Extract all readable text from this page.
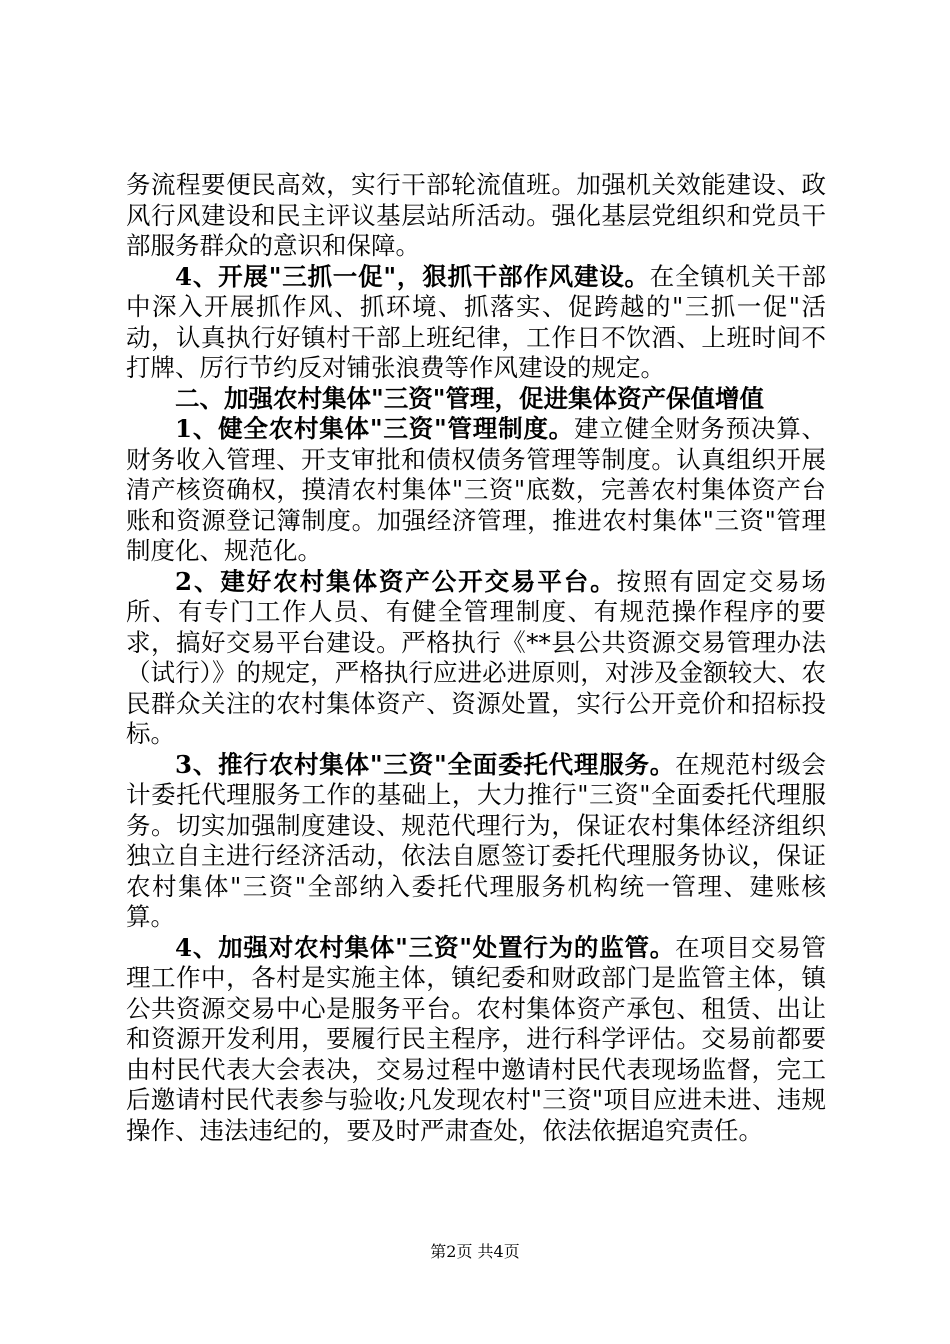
务流程要便民高效，实行干部轮流值班。加强机关效能建设、政风行风建设和民主评议基层站所活动。强化基层党组织和党员干部服务群众的意识和保障。

4、开展"三抓一促"，狠抓干部作风建设。在全镇机关干部中深入开展抓作风、抓环境、抓落实、促跨越的"三抓一促"活动，认真执行好镇村干部上班纪律，工作日不饮酒、上班时间不打牌、厉行节约反对铺张浪费等作风建设的规定。

二、加强农村集体"三资"管理，促进集体资产保值增值

1、健全农村集体"三资"管理制度。建立健全财务预决算、财务收入管理、开支审批和债权债务管理等制度。认真组织开展清产核资确权，摸清农村集体"三资"底数，完善农村集体资产台账和资源登记簿制度。加强经济管理，推进农村集体"三资"管理制度化、规范化。

2、建好农村集体资产公开交易平台。按照有固定交易场所、有专门工作人员、有健全管理制度、有规范操作程序的要求，搞好交易平台建设。严格执行《**县公共资源交易管理办法（试行）》的规定，严格执行应进必进原则，对涉及金额较大、农民群众关注的农村集体资产、资源处置，实行公开竞价和招标投标。

3、推行农村集体"三资"全面委托代理服务。在规范村级会计委托代理服务工作的基础上，大力推行"三资"全面委托代理服务。切实加强制度建设、规范代理行为，保证农村集体经济组织独立自主进行经济活动，依法自愿签订委托代理服务协议，保证农村集体"三资"全部纳入委托代理服务机构统一管理、建账核算。

4、加强对农村集体"三资"处置行为的监管。在项目交易管理工作中，各村是实施主体，镇纪委和财政部门是监管主体，镇公共资源交易中心是服务平台。农村集体资产承包、租赁、出让和资源开发利用，要履行民主程序，进行科学评估。交易前都要由村民代表大会表决，交易过程中邀请村民代表现场监督，完工后邀请村民代表参与验收;凡发现农村"三资"项目应进未进、违规操作、违法违纪的，要及时严肃查处，依法依据追究责任。

第2页 共4页
